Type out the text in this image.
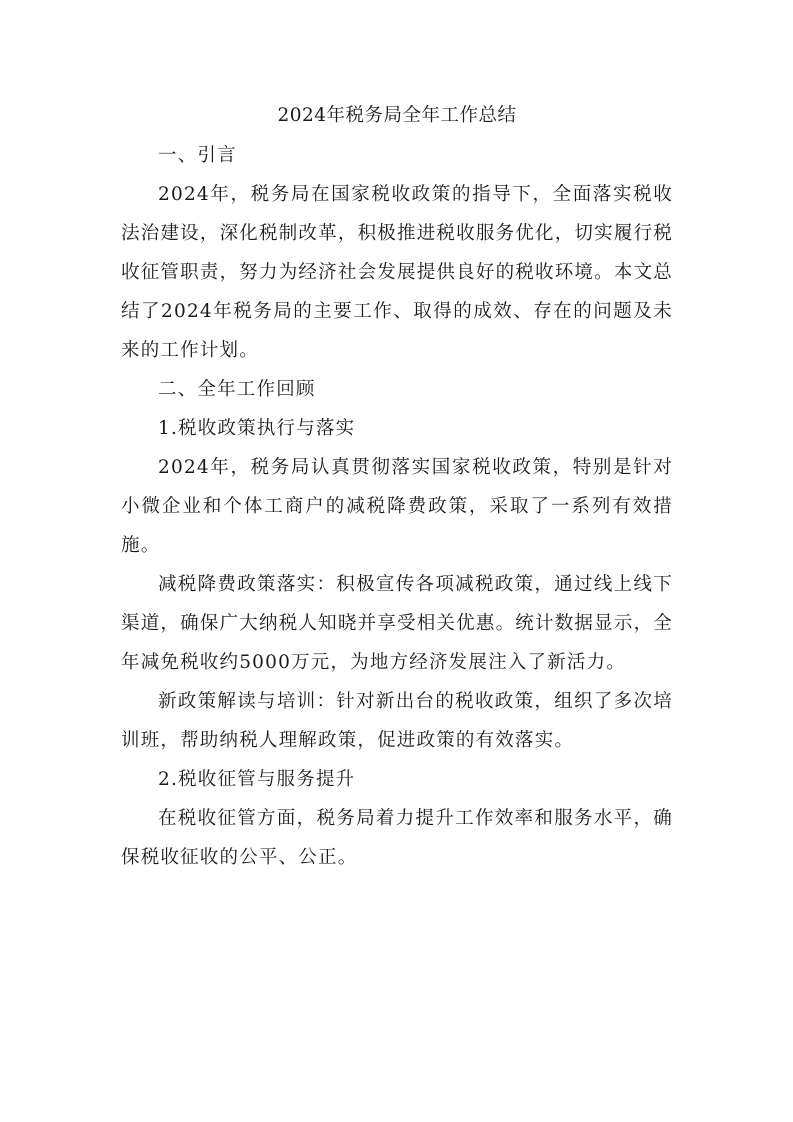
2024年税务局全年工作总结

一、引言

2024年，税务局在国家税收政策的指导下，全面落实税收法治建设，深化税制改革，积极推进税收服务优化，切实履行税收征管职责，努力为经济社会发展提供良好的税收环境。本文总结了2024年税务局的主要工作、取得的成效、存在的问题及未来的工作计划。

二、全年工作回顾

1.税收政策执行与落实

2024年，税务局认真贯彻落实国家税收政策，特别是针对小微企业和个体工商户的减税降费政策，采取了一系列有效措施。

减税降费政策落实：积极宣传各项减税政策，通过线上线下渠道，确保广大纳税人知晓并享受相关优惠。统计数据显示，全年减免税收约5000万元，为地方经济发展注入了新活力。

新政策解读与培训：针对新出台的税收政策，组织了多次培训班，帮助纳税人理解政策，促进政策的有效落实。

2.税收征管与服务提升

在税收征管方面，税务局着力提升工作效率和服务水平，确保税收征收的公平、公正。
